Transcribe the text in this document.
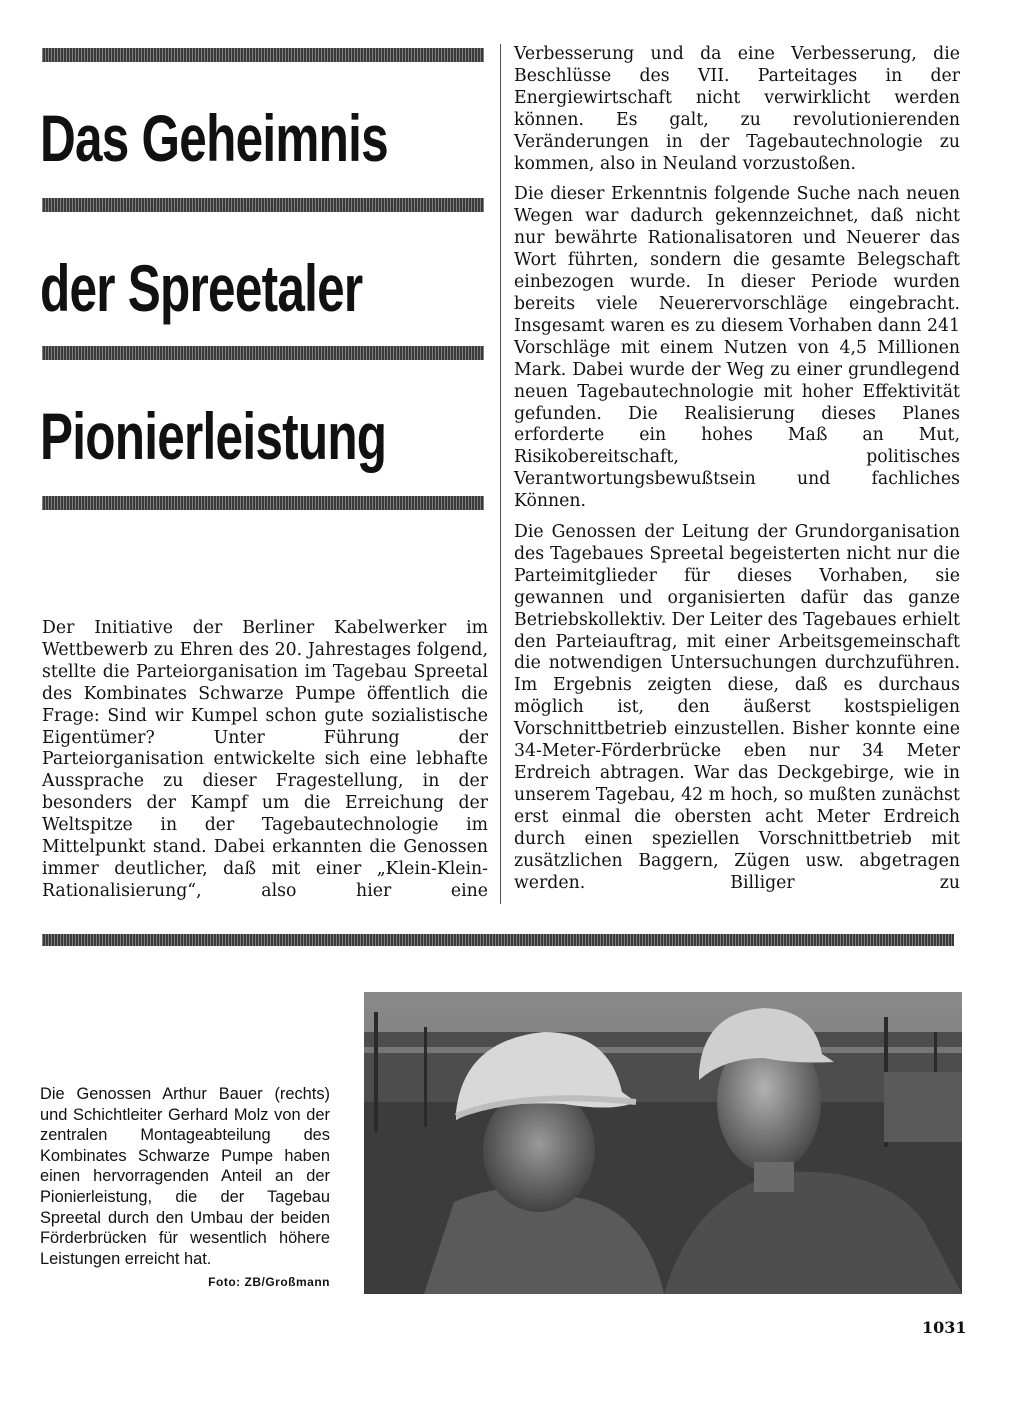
Das Geheimnis
der Spreetaler
Pionierleistung

Der Initiative der Berliner Kabelwerker im Wettbewerb zu Ehren des 20. Jahrestages folgend, stellte die Parteiorganisation im Tagebau Spreetal des Kombinates Schwarze Pumpe öffentlich die Frage: Sind wir Kumpel schon gute sozialistische Eigentümer? Unter Führung der Parteiorganisation entwickelte sich eine lebhafte Aussprache zu dieser Fragestellung, in der besonders der Kampf um die Erreichung der Weltspitze in der Tagebautechnologie im Mittelpunkt stand. Dabei erkannten die Genossen immer deutlicher, daß mit einer „Klein-Klein-Rationalisierung“, also hier eine

Verbesserung und da eine Verbesserung, die Beschlüsse des VII. Parteitages in der Energiewirtschaft nicht verwirklicht werden können. Es galt, zu revolutionierenden Veränderungen in der Tagebautechnologie zu kommen, also in Neuland vorzustoßen.

Die dieser Erkenntnis folgende Suche nach neuen Wegen war dadurch gekennzeichnet, daß nicht nur bewährte Rationalisatoren und Neuerer das Wort führten, sondern die gesamte Belegschaft einbezogen wurde. In dieser Periode wurden bereits viele Neuerervorschläge eingebracht. Insgesamt waren es zu diesem Vorhaben dann 241 Vorschläge mit einem Nutzen von 4,5 Millionen Mark. Dabei wurde der Weg zu einer grundlegend neuen Tagebautechnologie mit hoher Effektivität gefunden. Die Realisierung dieses Planes erforderte ein hohes Maß an Mut, Risikobereitschaft, politisches Verantwortungsbewußtsein und fachliches Können.

Die Genossen der Leitung der Grundorganisation des Tagebaues Spreetal begeisterten nicht nur die Parteimitglieder für dieses Vorhaben, sie gewannen und organisierten dafür das ganze Betriebskollektiv. Der Leiter des Tagebaues erhielt den Parteiauftrag, mit einer Arbeitsgemeinschaft die notwendigen Untersuchungen durchzuführen. Im Ergebnis zeigten diese, daß es durchaus möglich ist, den äußerst kostspieligen Vorschnittbetrieb einzustellen. Bisher konnte eine 34-Meter-Förderbrücke eben nur 34 Meter Erdreich abtragen. War das Deckgebirge, wie in unserem Tagebau, 42 m hoch, so mußten zunächst erst einmal die obersten acht Meter Erdreich durch einen speziellen Vorschnittbetrieb mit zusätzlichen Baggern, Zügen usw. abgetragen werden. Billiger zu

Die Genossen Arthur Bauer (rechts) und Schichtleiter Gerhard Molz von der zentralen Montageabteilung des Kombinates Schwarze Pumpe haben einen hervorragenden Anteil an der Pionierleistung, die der Tagebau Spreetal durch den Umbau der beiden Förderbrücken für wesentlich höhere Leistungen erreicht hat.
Foto: ZB/Großmann
1031
